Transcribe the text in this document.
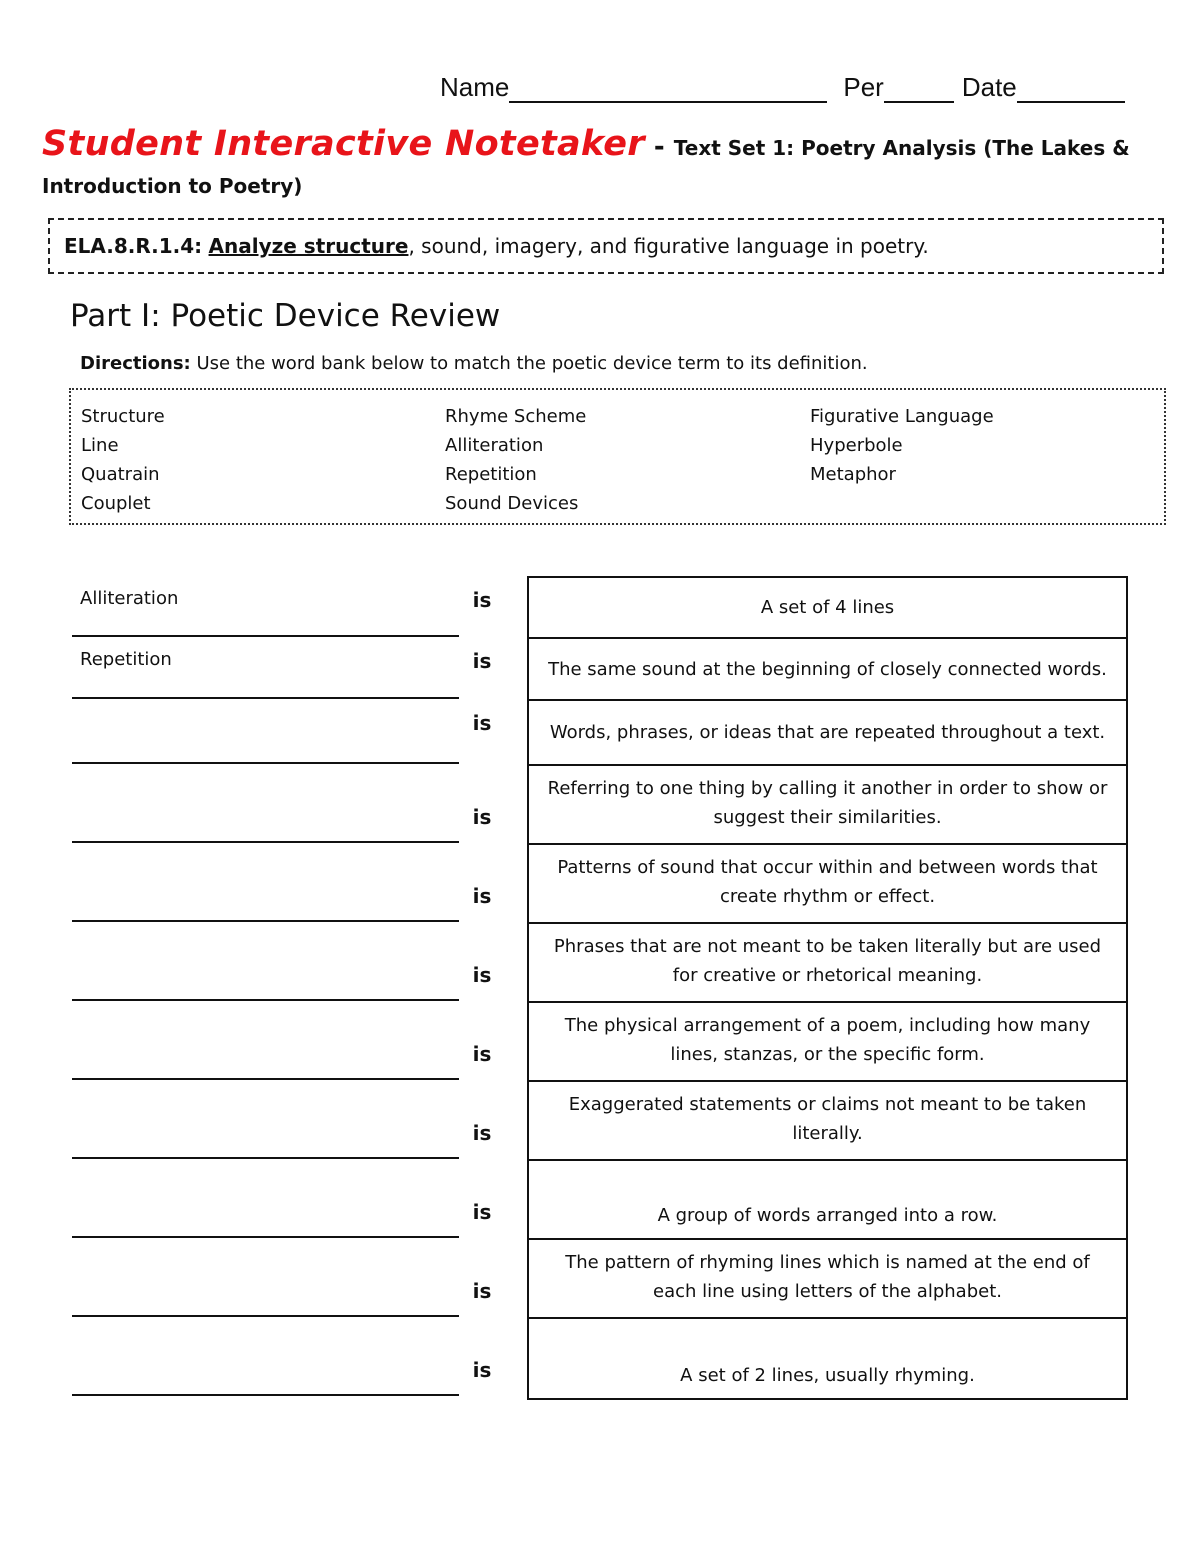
Name	Per	Date
Student Interactive Notetaker - Text Set 1: Poetry Analysis (The Lakes & Introduction to Poetry)
ELA.8.R.1.4:
Analyze structure , sound, imagery, and figurative language in poetry.
Part I: Poetic Device Review
Directions: Use the word bank below to match the poetic device term to its definition.
Structure
Line
Quatrain
Couplet
Rhyme Scheme
Alliteration
Repetition
Sound Devices
Figurative Language
Hyperbole
Metaphor
Alliteration
Repetition
A set of 4 lines
The same sound at the beginning of closely connected words.
Words, phrases, or ideas that are repeated throughout a text.
Referring to one thing by calling it another in order to show or suggest their similarities.
Patterns of sound that occur within and between words that create rhythm or effect.
Phrases that are not meant to be taken literally but are used for creative or rhetorical meaning.
The physical arrangement of a poem, including how many lines, stanzas, or the specific form.
Exaggerated statements or claims not meant to be taken literally.
A group of words arranged into a row.
The pattern of rhyming lines which is named at the end of each line using letters of the alphabet.
A set of 2 lines, usually rhyming.
is
is
is
is
is
is
is
is
is
is
is
